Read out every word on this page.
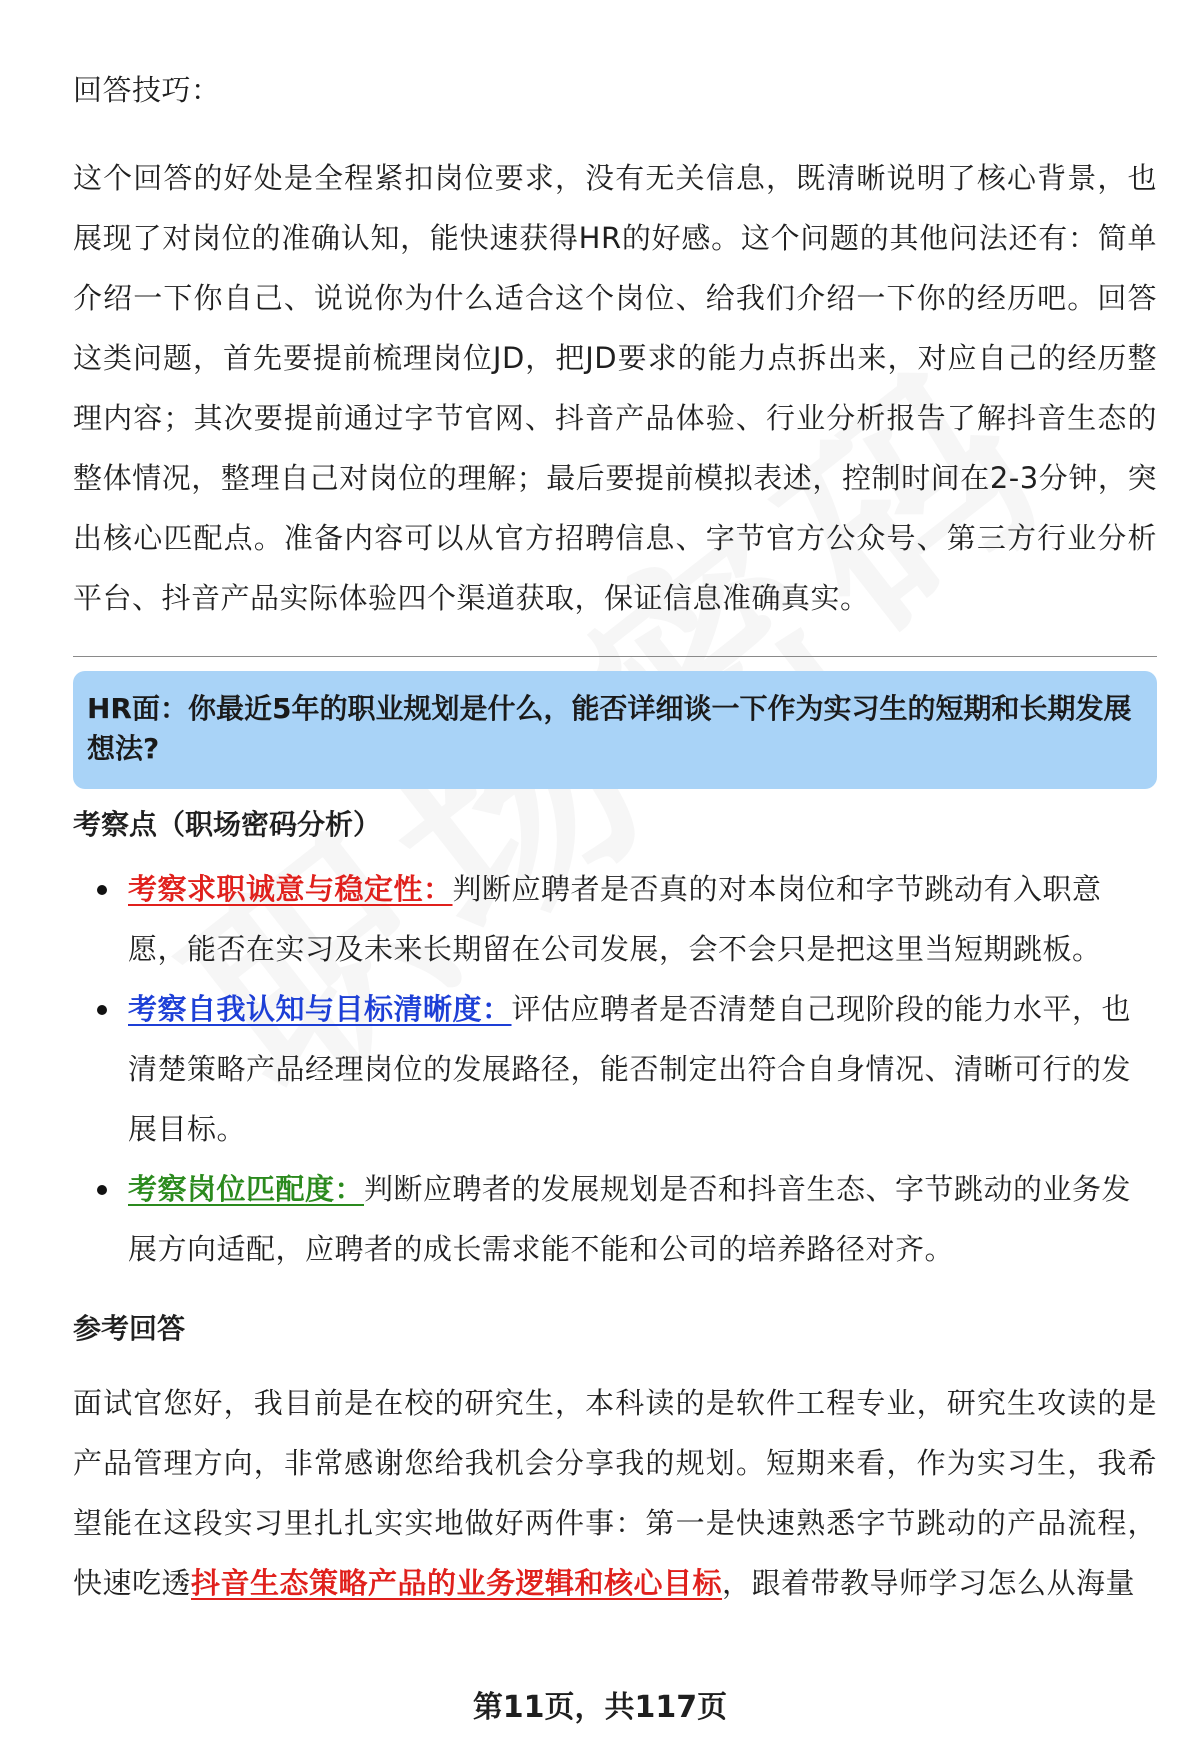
回答技巧：

这个回答的好处是全程紧扣岗位要求，没有无关信息，既清晰说明了核心背景，也展现了对岗位的准确认知，能快速获得HR的好感。这个问题的其他问法还有：简单介绍一下你自己、说说你为什么适合这个岗位、给我们介绍一下你的经历吧。回答这类问题，首先要提前梳理岗位JD，把JD要求的能力点拆出来，对应自己的经历整理内容；其次要提前通过字节官网、抖音产品体验、行业分析报告了解抖音生态的整体情况，整理自己对岗位的理解；最后要提前模拟表述，控制时间在2-3分钟，突出核心匹配点。准备内容可以从官方招聘信息、字节官方公众号、第三方行业分析平台、抖音产品实际体验四个渠道获取，保证信息准确真实。

HR面：你最近5年的职业规划是什么，能否详细谈一下作为实习生的短期和长期发展想法?
考察点（职场密码分析）
考察求职诚意与稳定性：判断应聘者是否真的对本岗位和字节跳动有入职意愿，能否在实习及未来长期留在公司发展，会不会只是把这里当短期跳板。
考察自我认知与目标清晰度：评估应聘者是否清楚自己现阶段的能力水平，也清楚策略产品经理岗位的发展路径，能否制定出符合自身情况、清晰可行的发展目标。
考察岗位匹配度：判断应聘者的发展规划是否和抖音生态、字节跳动的业务发展方向适配，应聘者的成长需求能不能和公司的培养路径对齐。
参考回答

面试官您好，我目前是在校的研究生，本科读的是软件工程专业，研究生攻读的是产品管理方向，非常感谢您给我机会分享我的规划。短期来看，作为实习生，我希望能在这段实习里扎扎实实地做好两件事：第一是快速熟悉字节跳动的产品流程，快速吃透抖音生态策略产品的业务逻辑和核心目标，跟着带教导师学习怎么从海量

第11页，共117页
